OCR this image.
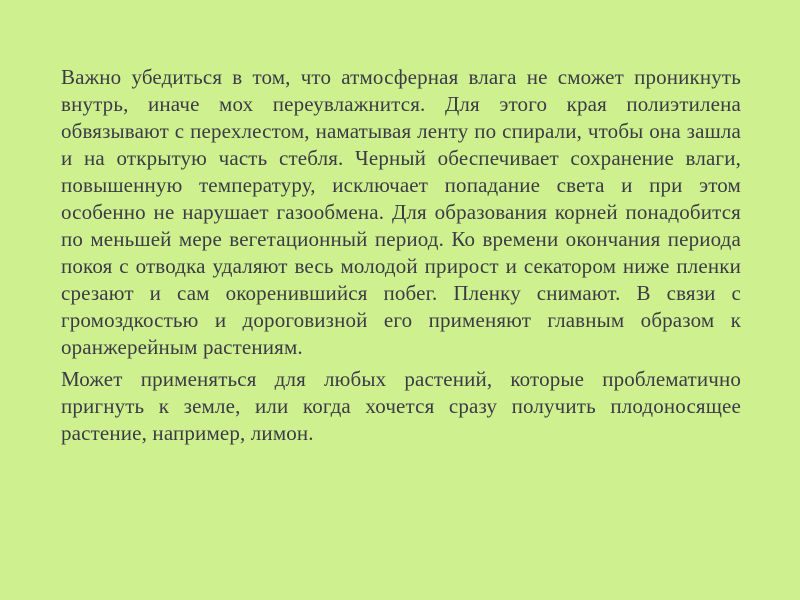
Важно убедиться в том, что атмосферная влага не сможет проникнуть внутрь, иначе мох переувлажнится. Для этого края полиэтилена обвязывают с перехлестом, наматывая ленту по спирали, чтобы она зашла и на открытую часть стебля. Черный обеспечивает сохранение влаги, повышенную температуру, исключает попадание света и при этом особенно не нарушает газообмена. Для образования корней понадобится по меньшей мере вегетационный период. Ко времени окончания периода покоя с отводка удаляют весь молодой прирост и секатором ниже пленки срезают и сам окоренившийся побег. Пленку снимают. В связи с громоздкостью и дороговизной его применяют главным образом к оранжерейным растениям.

Может применяться для любых растений, которые проблематично пригнуть к земле, или когда хочется сразу получить плодоносящее растение, например, лимон.
